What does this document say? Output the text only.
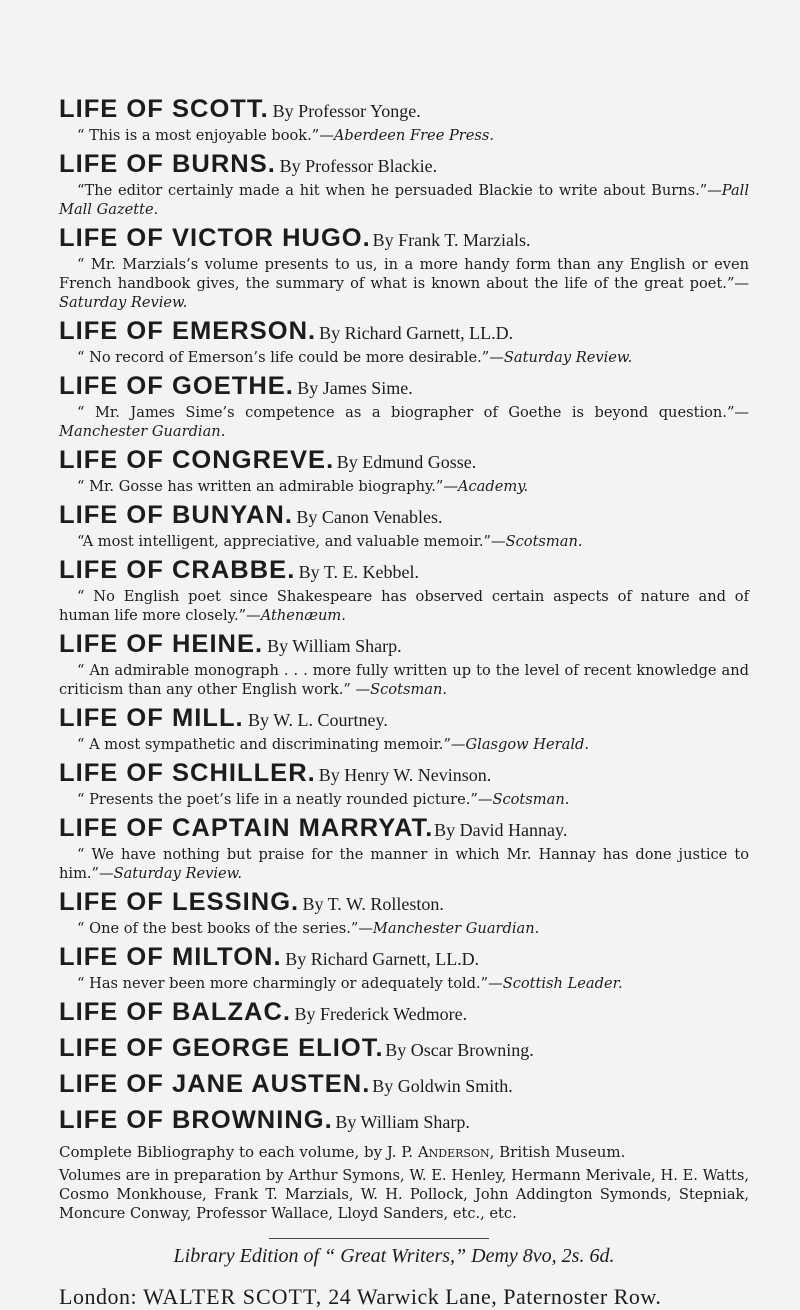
LIFE OF SCOTT. By Professor Yonge.

“ This is a most enjoyable book.”—Aberdeen Free Press.

LIFE OF BURNS. By Professor Blackie.

“The editor certainly made a hit when he persuaded Blackie to write about Burns.”—Pall Mall Gazette.

LIFE OF VICTOR HUGO. By Frank T. Marzials.

“ Mr. Marzials’s volume presents to us, in a more handy form than any English or even French handbook gives, the summary of what is known about the life of the great poet.”—Saturday Review.

LIFE OF EMERSON. By Richard Garnett, LL.D.

“ No record of Emerson’s life could be more desirable.”—Saturday Review.

LIFE OF GOETHE. By James Sime.

“ Mr. James Sime’s competence as a biographer of Goethe is beyond question.”—Manchester Guardian.

LIFE OF CONGREVE. By Edmund Gosse.

“ Mr. Gosse has written an admirable biography.”—Academy.

LIFE OF BUNYAN. By Canon Venables.

“A most intelligent, appreciative, and valuable memoir.”—Scotsman.

LIFE OF CRABBE. By T. E. Kebbel.

“ No English poet since Shakespeare has observed certain aspects of nature and of human life more closely.”—Athenæum.

LIFE OF HEINE. By William Sharp.

“ An admirable monograph . . . more fully written up to the level of recent knowledge and criticism than any other English work.” —Scotsman.

LIFE OF MILL. By W. L. Courtney.

“ A most sympathetic and discriminating memoir.”—Glasgow Herald.

LIFE OF SCHILLER. By Henry W. Nevinson.

“ Presents the poet’s life in a neatly rounded picture.”—Scotsman.

LIFE OF CAPTAIN MARRYAT.By David Hannay.

“ We have nothing but praise for the manner in which Mr. Hannay has done justice to him.”—Saturday Review.

LIFE OF LESSING. By T. W. Rolleston.

“ One of the best books of the series.”—Manchester Guardian.

LIFE OF MILTON. By Richard Garnett, LL.D.

“ Has never been more charmingly or adequately told.”—Scottish Leader.

LIFE OF BALZAC. By Frederick Wedmore.
LIFE OF GEORGE ELIOT.By Oscar Browning.
LIFE OF JANE AUSTEN. By Goldwin Smith.
LIFE OF BROWNING. By William Sharp.
Complete Bibliography to each volume, by J. P. Anderson, British Museum.

Volumes are in preparation by Arthur Symons, W. E. Henley, Hermann Merivale, H. E. Watts, Cosmo Monkhouse, Frank T. Marzials, W. H. Pollock, John Addington Symonds, Stepniak, Moncure Conway, Professor Wallace, Lloyd Sanders, etc., etc.

Library Edition of “ Great Writers,” Demy 8vo, 2s. 6d.
London: WALTER SCOTT, 24 Warwick Lane, Paternoster Row.
